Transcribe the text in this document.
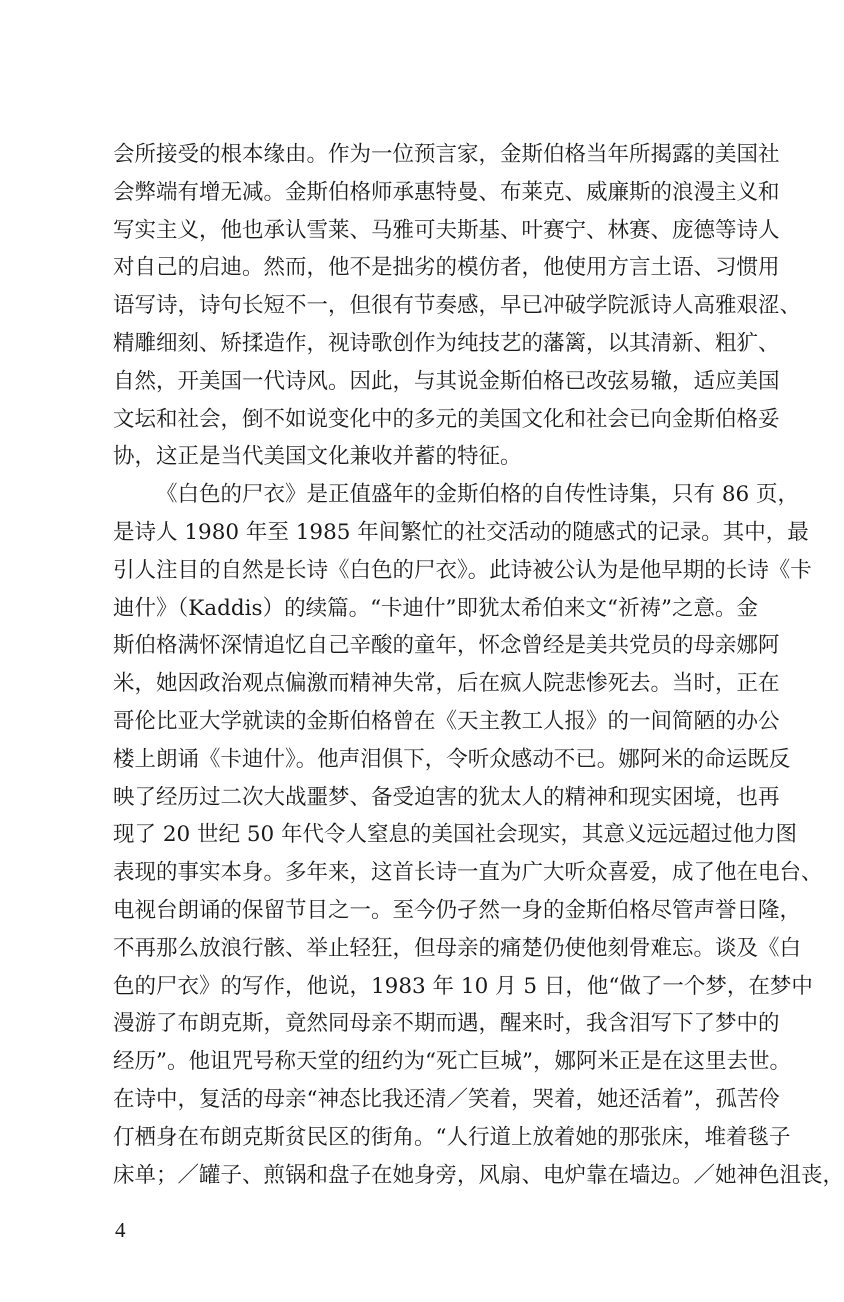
会所接受的根本缘由。作为一位预言家，金斯伯格当年所揭露的美国社
会弊端有增无减。金斯伯格师承惠特曼、布莱克、威廉斯的浪漫主义和
写实主义，他也承认雪莱、马雅可夫斯基、叶赛宁、林赛、庞德等诗人
对自己的启迪。然而，他不是拙劣的模仿者，他使用方言土语、习惯用
语写诗，诗句长短不一，但很有节奏感，早已冲破学院派诗人高雅艰涩、
精雕细刻、矫揉造作，视诗歌创作为纯技艺的藩篱，以其清新、粗犷、
自然，开美国一代诗风。因此，与其说金斯伯格已改弦易辙，适应美国
文坛和社会，倒不如说变化中的多元的美国文化和社会已向金斯伯格妥
协，这正是当代美国文化兼收并蓄的特征。
《白色的尸衣》是正值盛年的金斯伯格的自传性诗集，只有 86 页，
是诗人 1980 年至 1985 年间繁忙的社交活动的随感式的记录。其中，最
引人注目的自然是长诗《白色的尸衣》。此诗被公认为是他早期的长诗《卡
迪什》（Kaddis）的续篇。“卡迪什”即犹太希伯来文“祈祷”之意。金
斯伯格满怀深情追忆自己辛酸的童年，怀念曾经是美共党员的母亲娜阿
米，她因政治观点偏激而精神失常，后在疯人院悲惨死去。当时，正在
哥伦比亚大学就读的金斯伯格曾在《天主教工人报》的一间简陋的办公
楼上朗诵《卡迪什》。他声泪俱下，令听众感动不已。娜阿米的命运既反
映了经历过二次大战噩梦、备受迫害的犹太人的精神和现实困境，也再
现了 20 世纪 50 年代令人窒息的美国社会现实，其意义远远超过他力图
表现的事实本身。多年来，这首长诗一直为广大听众喜爱，成了他在电台、
电视台朗诵的保留节目之一。至今仍孑然一身的金斯伯格尽管声誉日隆，
不再那么放浪行骸、举止轻狂，但母亲的痛楚仍使他刻骨难忘。谈及《白
色的尸衣》的写作，他说，1983 年 10 月 5 日，他“做了一个梦，在梦中
漫游了布朗克斯，竟然同母亲不期而遇，醒来时，我含泪写下了梦中的
经历”。他诅咒号称天堂的纽约为“死亡巨城”，娜阿米正是在这里去世。
在诗中，复活的母亲“神态比我还清／笑着，哭着，她还活着”，孤苦伶
仃栖身在布朗克斯贫民区的街角。“人行道上放着她的那张床，堆着毯子
床单；／罐子、煎锅和盘子在她身旁，风扇、电炉靠在墙边。／她神色沮丧，
4
